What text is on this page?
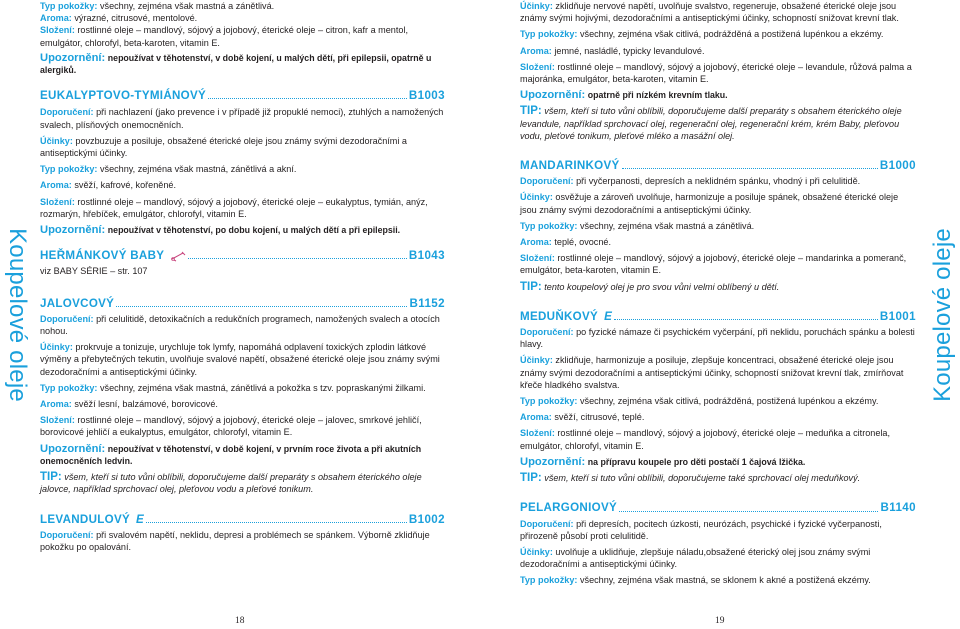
Koupelové oleje	Koupelové oleje
Typ pokožky: všechny, zejména však mastná a zánětlivá.
Aroma: výrazné, citrusové, mentolové.
Složení: rostlinné oleje – mandlový, sójový a jojobový, éterické oleje – citron, kafr a mentol, emulgátor, chlorofyl, beta-karoten, vitamin E.
Upozornění: nepoužívat v těhotenství, v době kojení, u malých dětí, při epilepsii, opatrně u alergiků.
EUKALYPTOVO-TYMIÁNOVÝ	B1003
Doporučení: při nachlazení (jako prevence i v případě již propuklé nemoci), ztuhlých a namožených svalech, plísňových onemocněních.
Účinky: povzbuzuje a posiluje, obsažené éterické oleje jsou známy svými dezodoračními a antiseptickými účinky.
Typ pokožky: všechny, zejména však mastná, zánětlivá a akní.
Aroma: svěží, kafrové, kořeněné.
Složení: rostlinné oleje – mandlový, sójový a jojobový, éterické oleje – eukalyptus, tymián, anýz, rozmarýn, hřebíček, emulgátor, chlorofyl, vitamin E.
Upozornění: nepoužívat v těhotenství, po dobu kojení, u malých dětí a při epilepsii.
HEŘMÁNKOVÝ BABY	B1043
viz BABY SÉRIE – str. 107
JALOVCOVÝ	B1152
Doporučení: při celulitidě, detoxikačních a redukčních programech, namožených svalech a otocích nohou.
Účinky: prokrvuje a tonizuje, urychluje tok lymfy, napomáhá odplavení toxických zplodin látkové výměny a přebytečných tekutin, uvolňuje svalové napětí, obsažené éterické oleje jsou známy svými dezodoračními a antiseptickými účinky.
Typ pokožky: všechny, zejména však mastná, zánětlivá a pokožka s tzv. popraskanými žilkami.
Aroma: svěží lesní, balzámové, borovicové.
Složení: rostlinné oleje – mandlový, sójový a jojobový, éterické oleje – jalovec, smrkové jehličí, borovicové jehličí a eukalyptus, emulgátor, chlorofyl, vitamin E.
Upozornění: nepoužívat v těhotenství, v době kojení, v prvním roce života a při akutních onemocněních ledvin.
TIP: všem, kteří si tuto vůni oblíbili, doporučujeme další preparáty s obsahem éterického oleje jalovce, například sprchovací olej, pleťovou vodu a pleťové tonikum.
LEVANDULOVÝ E	B1002
Doporučení: při svalovém napětí, neklidu, depresi a problémech se spánkem. Výborně zklidňuje pokožku po opalování.
18
Účinky: zklidňuje nervové napětí, uvolňuje svalstvo, regeneruje, obsažené éterické oleje jsou známy svými hojivými, dezodoračními a antiseptickými účinky, schopností snižovat krevní tlak.
Typ pokožky: všechny, zejména však citlivá, podrážděná a postižená lupénkou a ekzémy.
Aroma: jemné, nasládlé, typicky levandulové.
Složení: rostlinné oleje – mandlový, sójový a jojobový, éterické oleje – levandule, růžová palma a majoránka, emulgátor, beta-karoten, vitamin E.
Upozornění: opatrně při nízkém krevním tlaku.
TIP: všem, kteří si tuto vůni oblíbili, doporučujeme další preparáty s obsahem éterického oleje levandule, například sprchovací olej, regenerační olej, regenerační krém, krém Baby, pleťovou vodu, pleťové tonikum, pleťové mléko a masážní olej.
MANDARINKOVÝ	B1000
Doporučení: při vyčerpanosti, depresích a neklidném spánku, vhodný i při celulitidě.
Účinky: osvěžuje a zároveň uvolňuje, harmonizuje a posiluje spánek, obsažené éterické oleje jsou známy svými dezodoračními a antiseptickými účinky.
Typ pokožky: všechny, zejména však mastná a zánětlivá.
Aroma: teplé, ovocné.
Složení: rostlinné oleje – mandlový, sójový a jojobový, éterické oleje – mandarinka a pomeranč, emulgátor, beta-karoten, vitamin E.
TIP: tento koupelový olej je pro svou vůni velmi oblíbený u dětí.
MEDUŇKOVÝ E	B1001
Doporučení: po fyzické námaze či psychickém vyčerpání, při neklidu, poruchách spánku a bolesti hlavy.
Účinky: zklidňuje, harmonizuje a posiluje, zlepšuje koncentraci, obsažené éterické oleje jsou známy svými dezodoračními a antiseptickými účinky, schopností snižovat krevní tlak, zmírňovat křeče hladkého svalstva.
Typ pokožky: všechny, zejména však citlivá, podrážděná, postižená lupénkou a ekzémy.
Aroma: svěží, citrusové, teplé.
Složení: rostlinné oleje – mandlový, sójový a jojobový, éterické oleje – meduňka a citronela, emulgátor, chlorofyl, vitamin E.
Upozornění: na přípravu koupele pro děti postačí 1 čajová lžička.
TIP: všem, kteří si tuto vůni oblíbili, doporučujeme také sprchovací olej meduňkový.
PELARGONIOVÝ	B1140
Doporučení: při depresích, pocitech úzkosti, neurózách, psychické i fyzické vyčerpanosti, přirozeně působí proti celulitidě.
Účinky: uvolňuje a uklidňuje, zlepšuje náladu,obsažené éterický olej jsou známy svými dezodoračními a antiseptickými účinky.
Typ pokožky: všechny, zejména však mastná, se sklonem k akné a postižená ekzémy.
19
